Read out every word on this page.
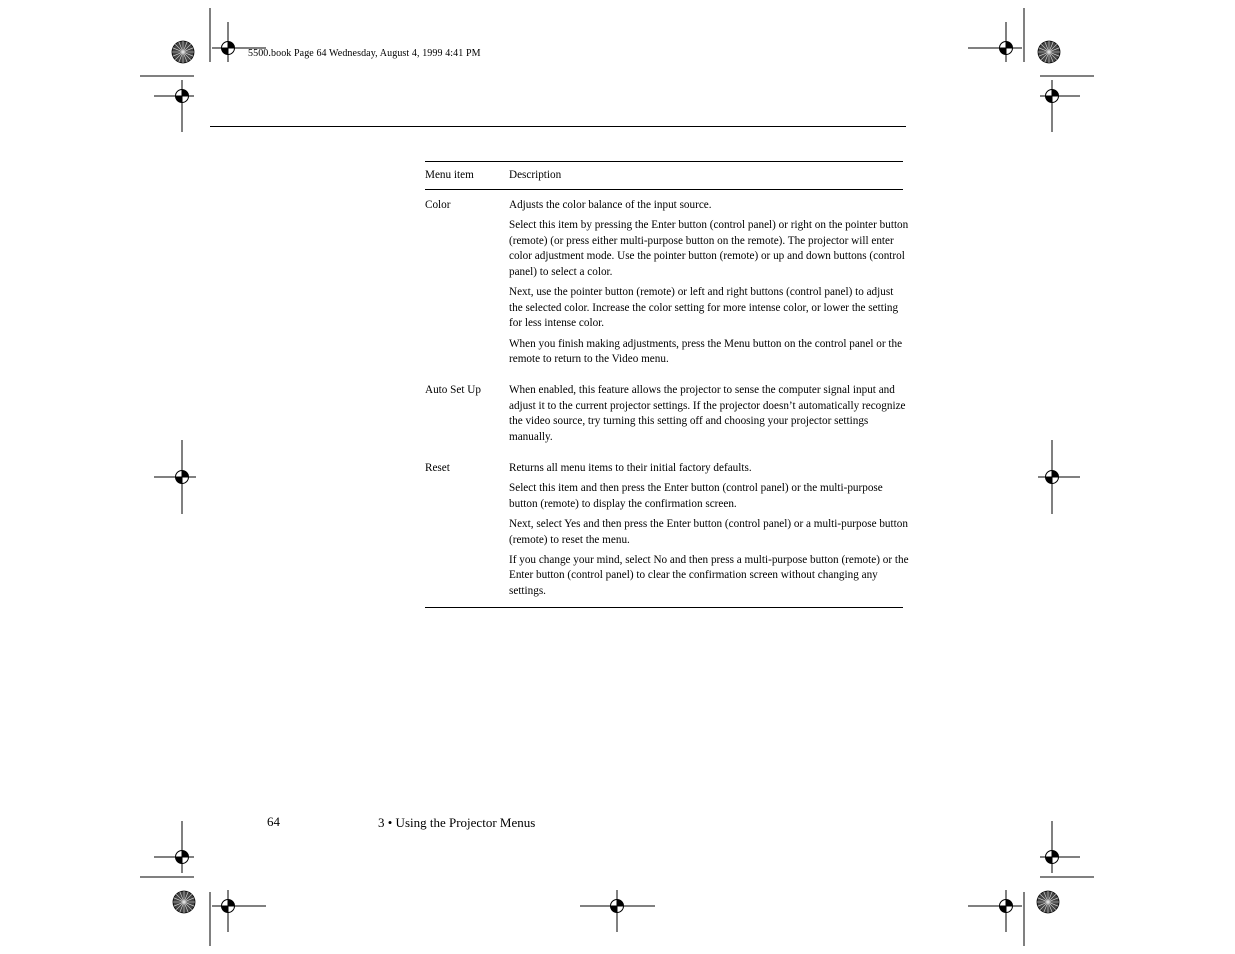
5500.book Page 64 Wednesday, August 4, 1999 4:41 PM
Menu item	Description
Color	Adjusts the color balance of the input source.

Select this item by pressing the Enter button (control panel) or right on the pointer button (remote) (or press either multi-purpose button on the remote). The projector will enter color adjustment mode. Use the pointer button (remote) or up and down buttons (control panel) to select a color.

Next, use the pointer button (remote) or left and right buttons (control panel) to adjust the selected color. Increase the color setting for more intense color, or lower the setting for less intense color.

When you finish making adjustments, press the Menu button on the control panel or the remote to return to the Video menu.

Auto Set Up	When enabled, this feature allows the projector to sense the computer signal input and adjust it to the current projector settings. If the projector doesn’t automatically recognize the video source, try turning this setting off and choosing your projector settings manually.

Reset	Returns all menu items to their initial factory defaults.

Select this item and then press the Enter button (control panel) or the multi-purpose button (remote) to display the confirmation screen.

Next, select Yes and then press the Enter button (control panel) or a multi-purpose button (remote) to reset the menu.

If you change your mind, select No and then press a multi-purpose button (remote) or the Enter button (control panel) to clear the confirmation screen without changing any settings.

64	3 • Using the Projector Menus
